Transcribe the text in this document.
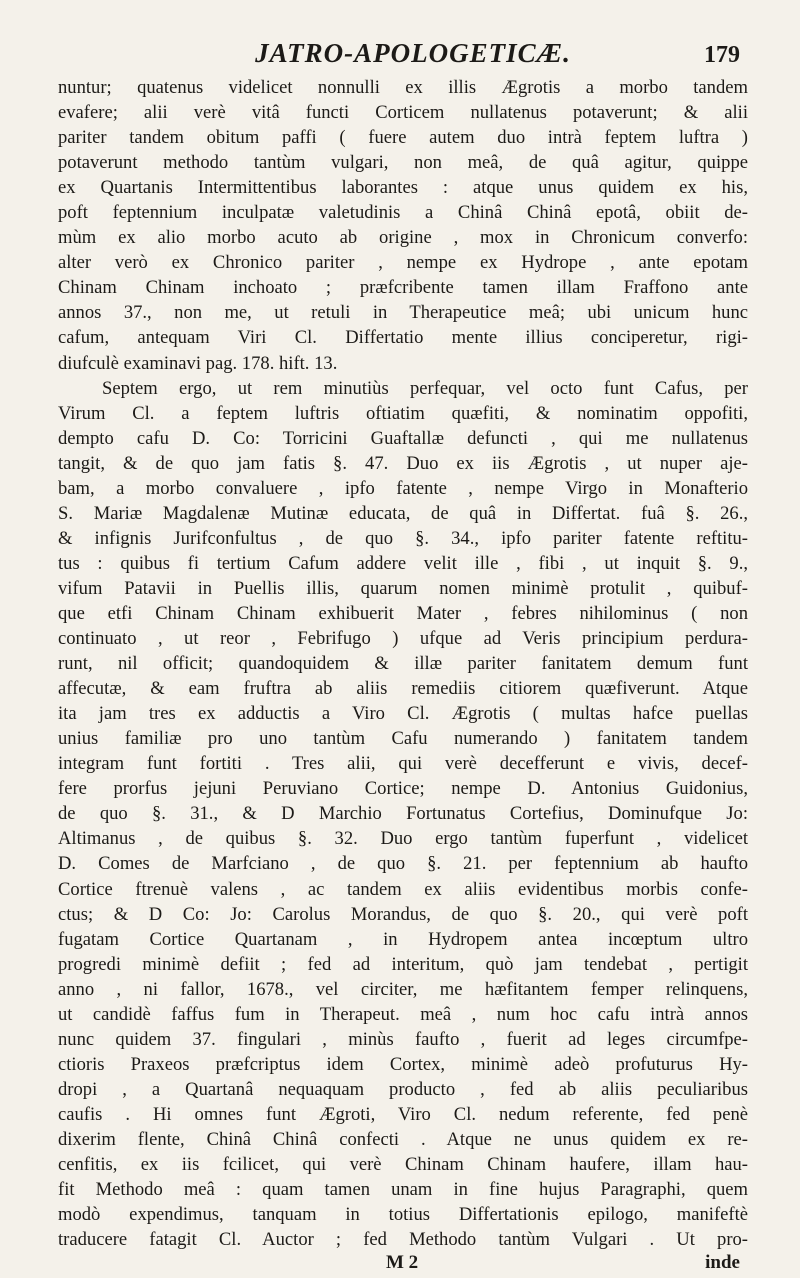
JATRO-APOLOGETICÆ.	179
nuntur; quatenus videlicet nonnulli ex illis Ægrotis a morbo tandem
evafere; alii verè vitâ functi Corticem nullatenus potaverunt; & alii
pariter tandem obitum paffi ( fuere autem duo intrà feptem luftra )
potaverunt methodo tantùm vulgari, non meâ, de quâ agitur, quippe
ex Quartanis Intermittentibus laborantes : atque unus quidem ex his,
poft feptennium inculpatæ valetudinis a Chinâ Chinâ epotâ, obiit de-
mùm ex alio morbo acuto ab origine , mox in Chronicum converfo:
alter verò ex Chronico pariter , nempe ex Hydrope , ante epotam
Chinam Chinam inchoato ; præfcribente tamen illam Fraffono ante
annos 37., non me, ut retuli in Therapeutice meâ; ubi unicum hunc
cafum, antequam Viri Cl. Differtatio mente illius conciperetur, rigi-
diufculè examinavi pag. 178. hift. 13.
Septem ergo, ut rem minutiùs perfequar, vel octo funt Cafus, per
Virum Cl. a feptem luftris oftiatim quæfiti, & nominatim oppofiti,
dempto cafu D. Co: Torricini Guaftallæ defuncti , qui me nullatenus
tangit, & de quo jam fatis §. 47. Duo ex iis Ægrotis , ut nuper aje-
bam, a morbo convaluere , ipfo fatente , nempe Virgo in Monafterio
S. Mariæ Magdalenæ Mutinæ educata, de quâ in Differtat. fuâ §. 26.,
& infignis Jurifconfultus , de quo §. 34., ipfo pariter fatente reftitu-
tus : quibus fi tertium Cafum addere velit ille , fibi , ut inquit §. 9.,
vifum Patavii in Puellis illis, quarum nomen minimè protulit , quibuf-
que etfi Chinam Chinam exhibuerit Mater , febres nihilominus ( non
continuato , ut reor , Febrifugo ) ufque ad Veris principium perdura-
runt, nil officit; quandoquidem & illæ pariter fanitatem demum funt
affecutæ, & eam fruftra ab aliis remediis citiorem quæfiverunt. Atque
ita jam tres ex adductis a Viro Cl. Ægrotis ( multas hafce puellas
unius familiæ pro uno tantùm Cafu numerando ) fanitatem tandem
integram funt fortiti . Tres alii, qui verè decefferunt e vivis, decef-
fere prorfus jejuni Peruviano Cortice; nempe D. Antonius Guidonius,
de quo §. 31., & D Marchio Fortunatus Cortefius, Dominufque Jo:
Altimanus , de quibus §. 32. Duo ergo tantùm fuperfunt , videlicet
D. Comes de Marfciano , de quo §. 21. per feptennium ab haufto
Cortice ftrenuè valens , ac tandem ex aliis evidentibus morbis confe-
ctus; & D Co: Jo: Carolus Morandus, de quo §. 20., qui verè poft
fugatam Cortice Quartanam , in Hydropem antea incœptum ultro
progredi minimè defiit ; fed ad interitum, quò jam tendebat , pertigit
anno , ni fallor, 1678., vel circiter, me hæfitantem femper relinquens,
ut candidè faffus fum in Therapeut. meâ , num hoc cafu intrà annos
nunc quidem 37. fingulari , minùs faufto , fuerit ad leges circumfpe-
ctioris Praxeos præfcriptus idem Cortex, minimè adeò profuturus Hy-
dropi , a Quartanâ nequaquam producto , fed ab aliis peculiaribus
caufis . Hi omnes funt Ægroti, Viro Cl. nedum referente, fed penè
dixerim flente, Chinâ Chinâ confecti . Atque ne unus quidem ex re-
cenfitis, ex iis fcilicet, qui verè Chinam Chinam haufere, illam hau-
fit Methodo meâ : quam tamen unam in fine hujus Paragraphi, quem
modò expendimus, tanquam in totius Differtationis epilogo, manifeftè
traducere fatagit Cl. Auctor ; fed Methodo tantùm Vulgari . Ut pro-
M 2	inde
